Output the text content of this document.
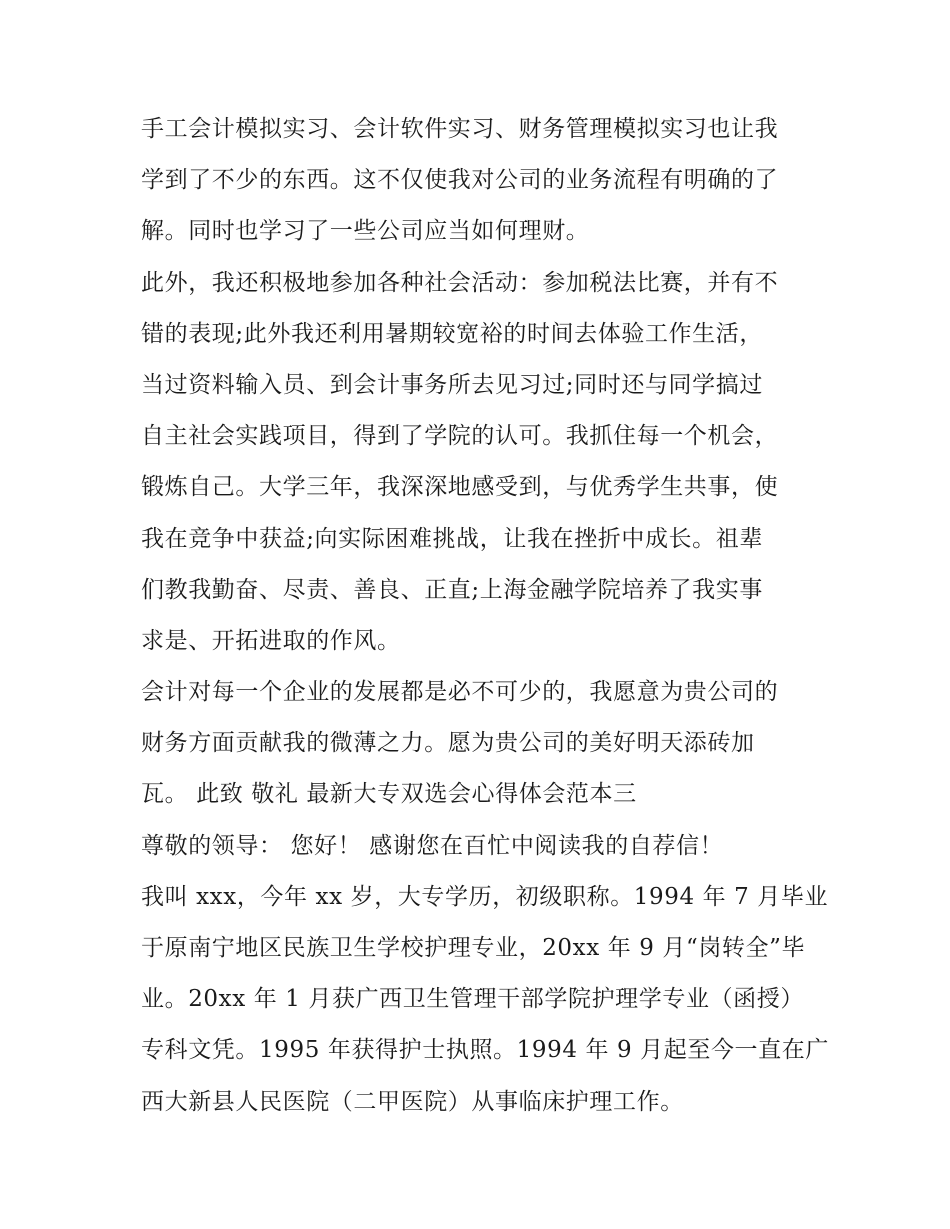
手工会计模拟实习、会计软件实习、财务管理模拟实习也让我
学到了不少的东西。这不仅使我对公司的业务流程有明确的了
解。同时也学习了一些公司应当如何理财。
此外，我还积极地参加各种社会活动：参加税法比赛，并有不
错的表现;此外我还利用暑期较宽裕的时间去体验工作生活，
当过资料输入员、到会计事务所去见习过;同时还与同学搞过
自主社会实践项目，得到了学院的认可。我抓住每一个机会，
锻炼自己。大学三年，我深深地感受到，与优秀学生共事，使
我在竞争中获益;向实际困难挑战，让我在挫折中成长。祖辈
们教我勤奋、尽责、善良、正直;上海金融学院培养了我实事
求是、开拓进取的作风。
会计对每一个企业的发展都是必不可少的，我愿意为贵公司的
财务方面贡献我的微薄之力。愿为贵公司的美好明天添砖加
瓦。 此致 敬礼 最新大专双选会心得体会范本三
尊敬的领导： 您好！ 感谢您在百忙中阅读我的自荐信！
我叫 xxx，今年 xx 岁，大专学历，初级职称。1994 年 7 月毕业
于原南宁地区民族卫生学校护理专业，20xx 年 9 月“岗转全”毕
业。20xx 年 1 月获广西卫生管理干部学院护理学专业（函授）
专科文凭。1995 年获得护士执照。1994 年 9 月起至今一直在广
西大新县人民医院（二甲医院）从事临床护理工作。
